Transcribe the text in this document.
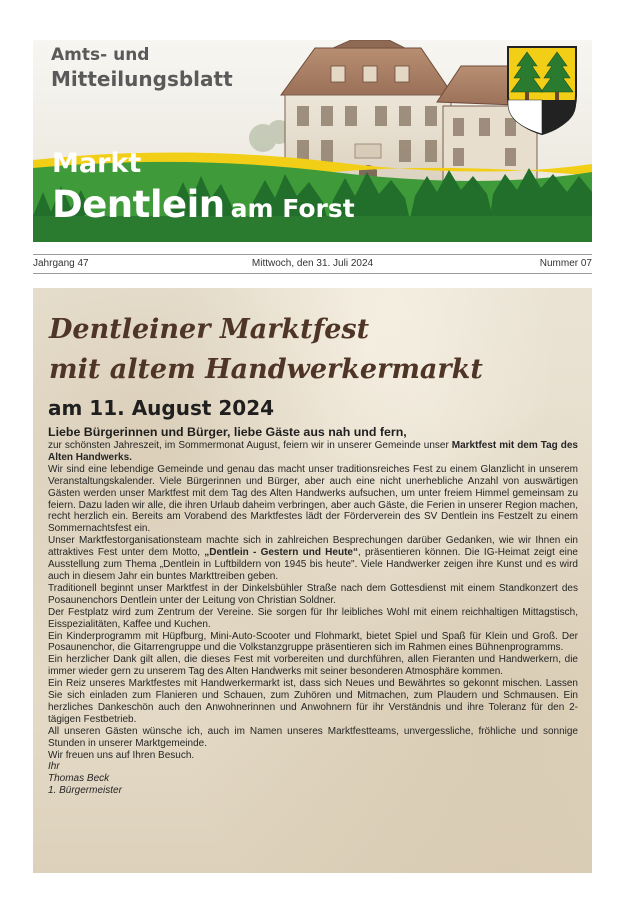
Amts- und
Mitteilungsblatt
Markt
Dentlein am Forst
Jahrgang 47	Mittwoch, den 31. Juli 2024	Nummer 07
Dentleiner Marktfest
mit altem Handwerkermarkt
am 11. August 2024
Liebe Bürgerinnen und Bürger, liebe Gäste aus nah und fern,

zur schönsten Jahreszeit, im Sommermonat August, feiern wir in unserer Gemeinde unser Marktfest mit dem Tag des Alten Handwerks.

Wir sind eine lebendige Gemeinde und genau das macht unser traditionsreiches Fest zu einem Glanzlicht in unserem Veranstaltungskalender. Viele Bürgerinnen und Bürger, aber auch eine nicht unerhebliche Anzahl von auswärtigen Gästen werden unser Marktfest mit dem Tag des Alten Handwerks aufsuchen, um unter freiem Himmel gemeinsam zu feiern. Dazu laden wir alle, die ihren Urlaub daheim verbringen, aber auch Gäste, die Ferien in unserer Region machen, recht herzlich ein. Bereits am Vorabend des Marktfestes lädt der Förderverein des SV Dentlein ins Festzelt zu einem Sommernachtsfest ein.

Unser Marktfestorganisationsteam machte sich in zahlreichen Besprechungen darüber Gedanken, wie wir Ihnen ein attraktives Fest unter dem Motto, „Dentlein - Gestern und Heute“, präsentieren können. Die IG-Heimat zeigt eine Ausstellung zum Thema „Dentlein in Luftbildern von 1945 bis heute". Viele Handwerker zeigen ihre Kunst und es wird auch in diesem Jahr ein buntes Markttreiben geben.

Traditionell beginnt unser Marktfest in der Dinkelsbühler Straße nach dem Gottesdienst mit einem Standkonzert des Posaunenchors Dentlein unter der Leitung von Christian Soldner.

Der Festplatz wird zum Zentrum der Vereine. Sie sorgen für Ihr leibliches Wohl mit einem reichhaltigen Mittagstisch, Eisspezialitäten, Kaffee und Kuchen.

Ein Kinderprogramm mit Hüpfburg, Mini-Auto-Scooter und Flohmarkt, bietet Spiel und Spaß für Klein und Groß. Der Posaunenchor, die Gitarrengruppe und die Volkstanzgruppe präsentieren sich im Rahmen eines Bühnenprogramms.

Ein herzlicher Dank gilt allen, die dieses Fest mit vorbereiten und durchführen, allen Fieranten und Handwerkern, die immer wieder gern zu unserem Tag des Alten Handwerks mit seiner besonderen Atmosphäre kommen.

Ein Reiz unseres Marktfestes mit Handwerkermarkt ist, dass sich Neues und Bewährtes so gekonnt mischen. Lassen Sie sich einladen zum Flanieren und Schauen, zum Zuhören und Mitmachen, zum Plaudern und Schmausen. Ein herzliches Dankeschön auch den Anwohnerinnen und Anwohnern für ihr Verständnis und ihre Toleranz für den 2-tägigen Festbetrieb.

All unseren Gästen wünsche ich, auch im Namen unseres Marktfestteams, unvergessliche, fröhliche und sonnige Stunden in unserer Marktgemeinde.

Wir freuen uns auf Ihren Besuch.

Ihr

Thomas Beck

1. Bürgermeister
